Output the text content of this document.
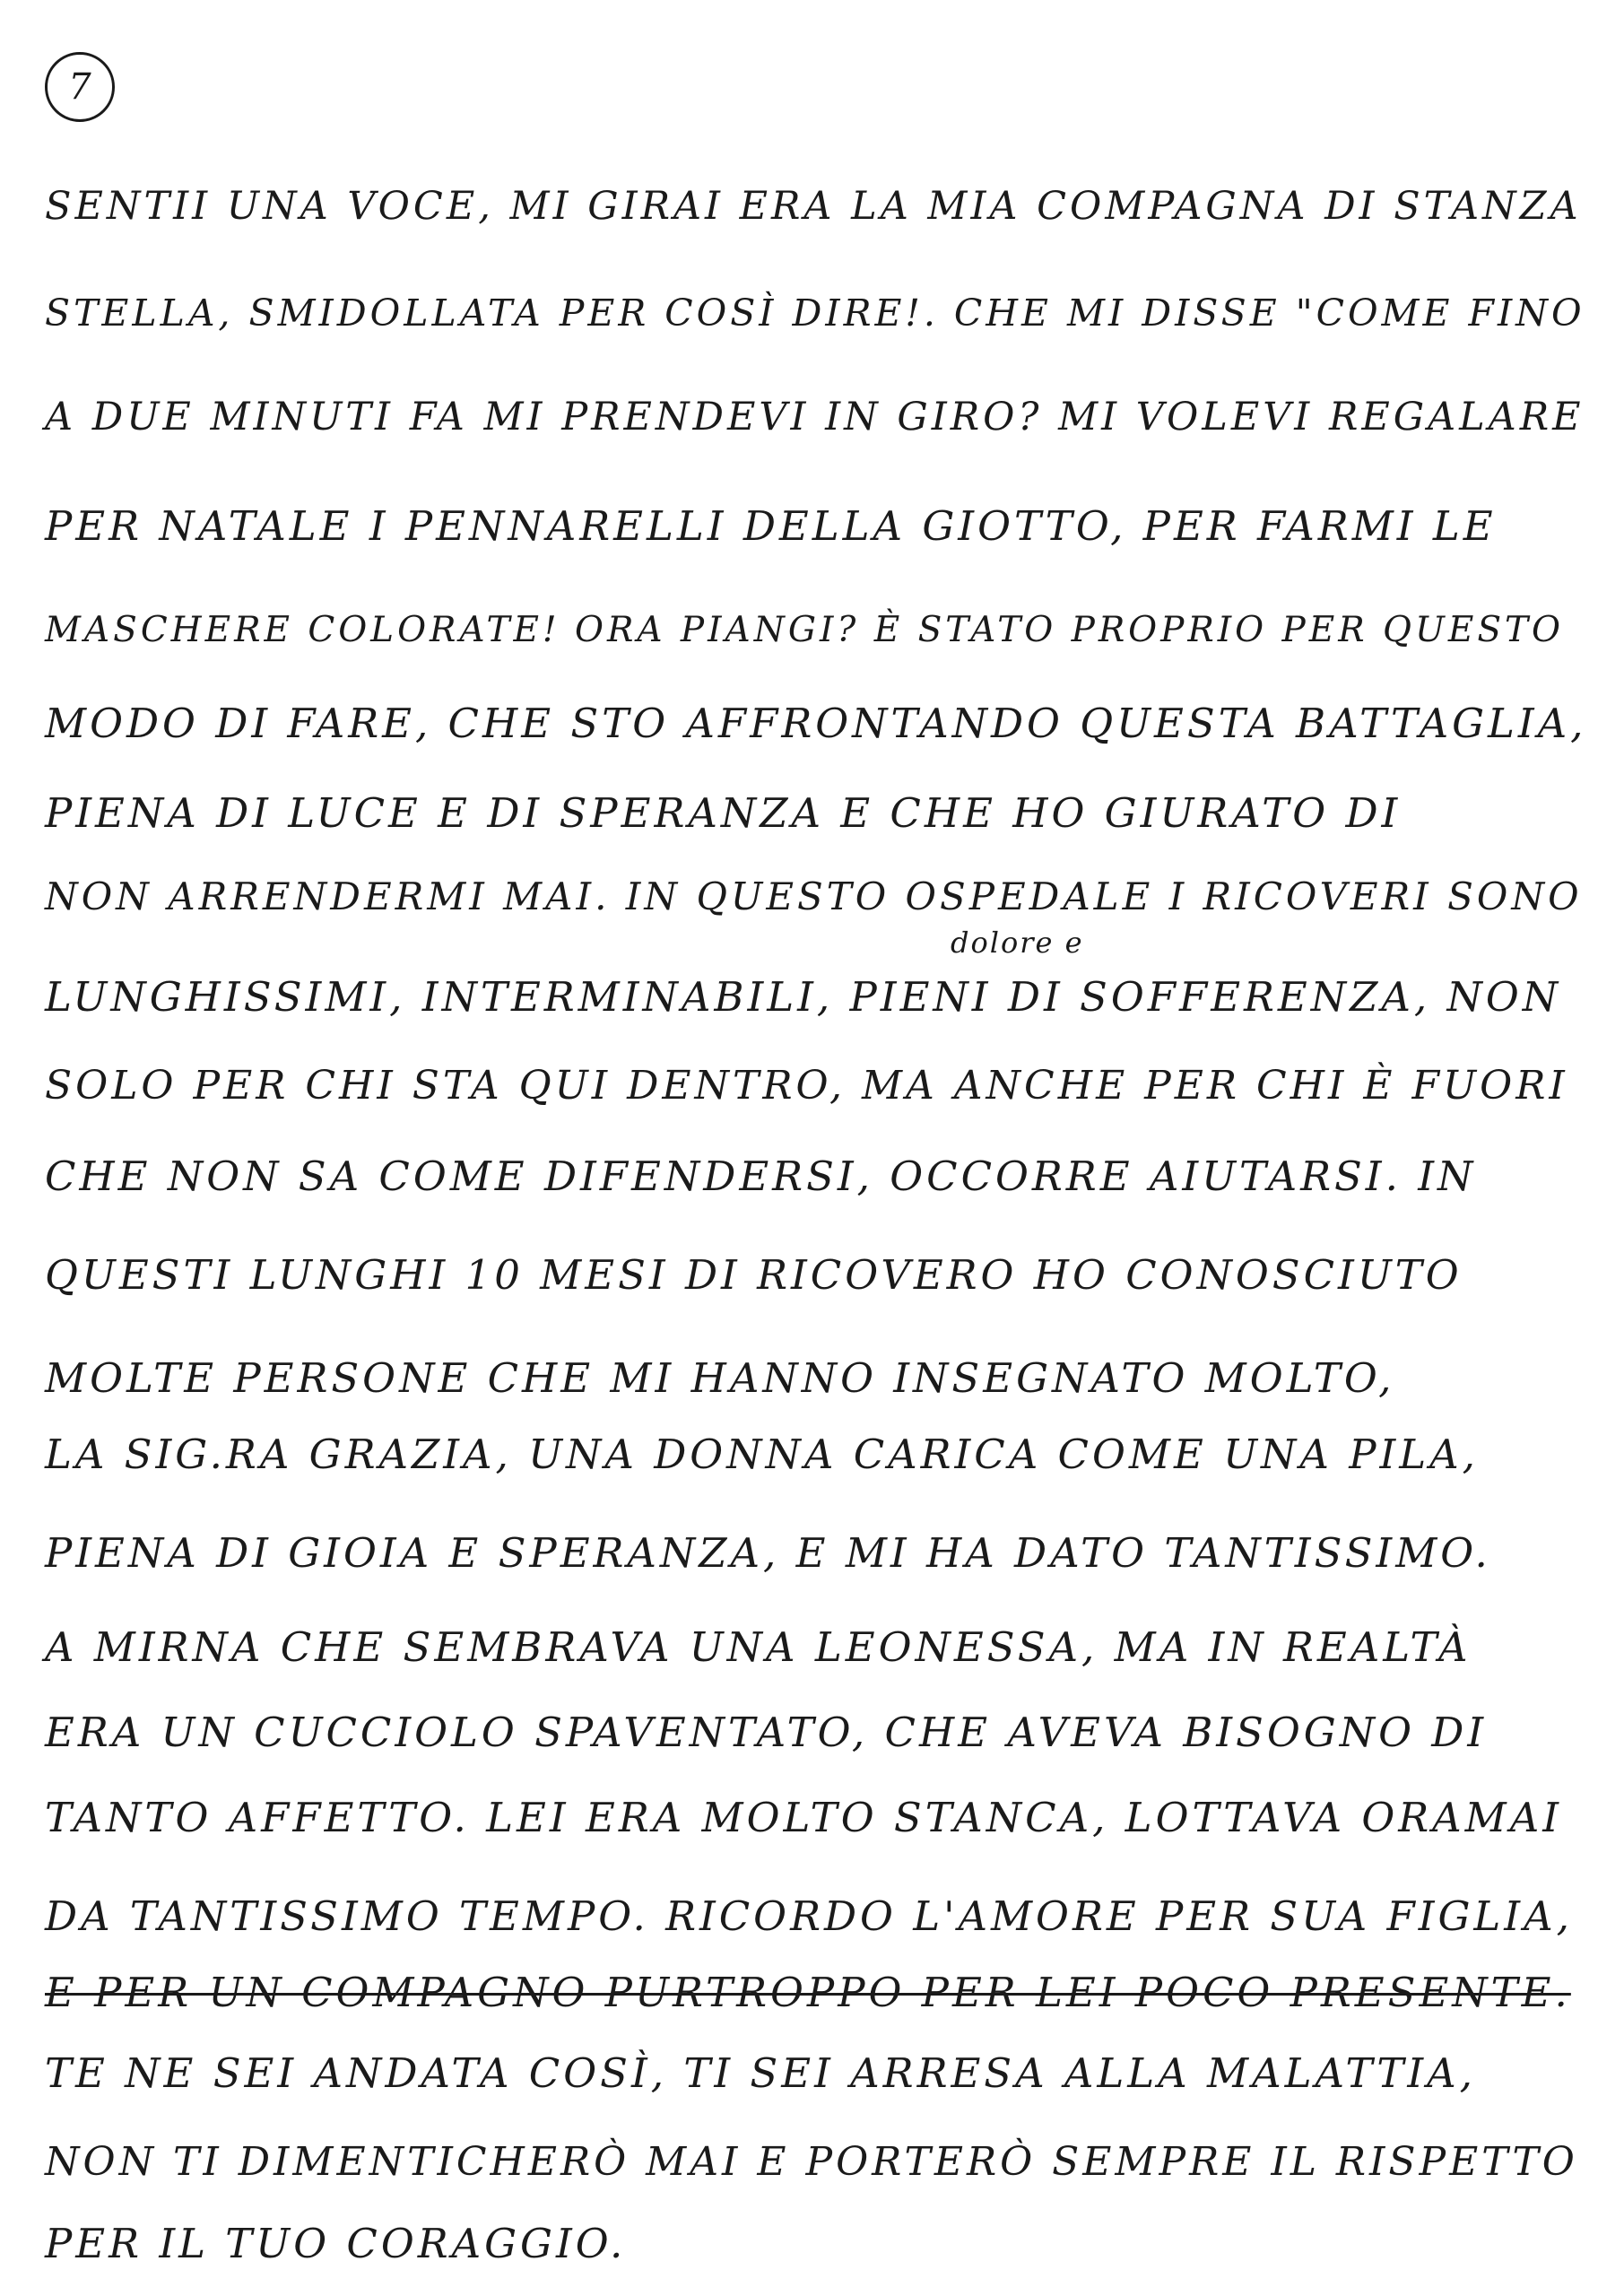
7
dolore e
SENTII UNA VOCE, MI GIRAI ERA LA MIA COMPAGNA DI STANZA
STELLA, SMIDOLLATA PER COSÌ DIRE!. CHE MI DISSE "COME FINO
A DUE MINUTI FA MI PRENDEVI IN GIRO? MI VOLEVI REGALARE
PER NATALE I PENNARELLI DELLA GIOTTO, PER FARMI LE
MASCHERE COLORATE! ORA PIANGI? È STATO PROPRIO PER QUESTO
MODO DI FARE, CHE STO AFFRONTANDO QUESTA BATTAGLIA,
PIENA DI LUCE E DI SPERANZA E CHE HO GIURATO DI
NON ARRENDERMI MAI. IN QUESTO OSPEDALE I RICOVERI SONO
LUNGHISSIMI, INTERMINABILI, PIENI DI SOFFERENZA, NON
SOLO PER CHI STA QUI DENTRO, MA ANCHE PER CHI È FUORI
CHE NON SA COME DIFENDERSI, OCCORRE AIUTARSI. IN
QUESTI LUNGHI 10 MESI DI RICOVERO HO CONOSCIUTO
MOLTE PERSONE CHE MI HANNO INSEGNATO MOLTO,
LA SIG.RA GRAZIA, UNA DONNA CARICA COME UNA PILA,
PIENA DI GIOIA E SPERANZA, E MI HA DATO TANTISSIMO.
A MIRNA CHE SEMBRAVA UNA LEONESSA, MA IN REALTÀ
ERA UN CUCCIOLO SPAVENTATO, CHE AVEVA BISOGNO DI
TANTO AFFETTO. LEI ERA MOLTO STANCA, LOTTAVA ORAMAI
DA TANTISSIMO TEMPO. RICORDO L'AMORE PER SUA FIGLIA,
E PER UN COMPAGNO PURTROPPO PER LEI POCO PRESENTE.
TE NE SEI ANDATA COSÌ, TI SEI ARRESA ALLA MALATTIA,
NON TI DIMENTICHERÒ MAI E PORTERÒ SEMPRE IL RISPETTO
PER IL TUO CORAGGIO.
